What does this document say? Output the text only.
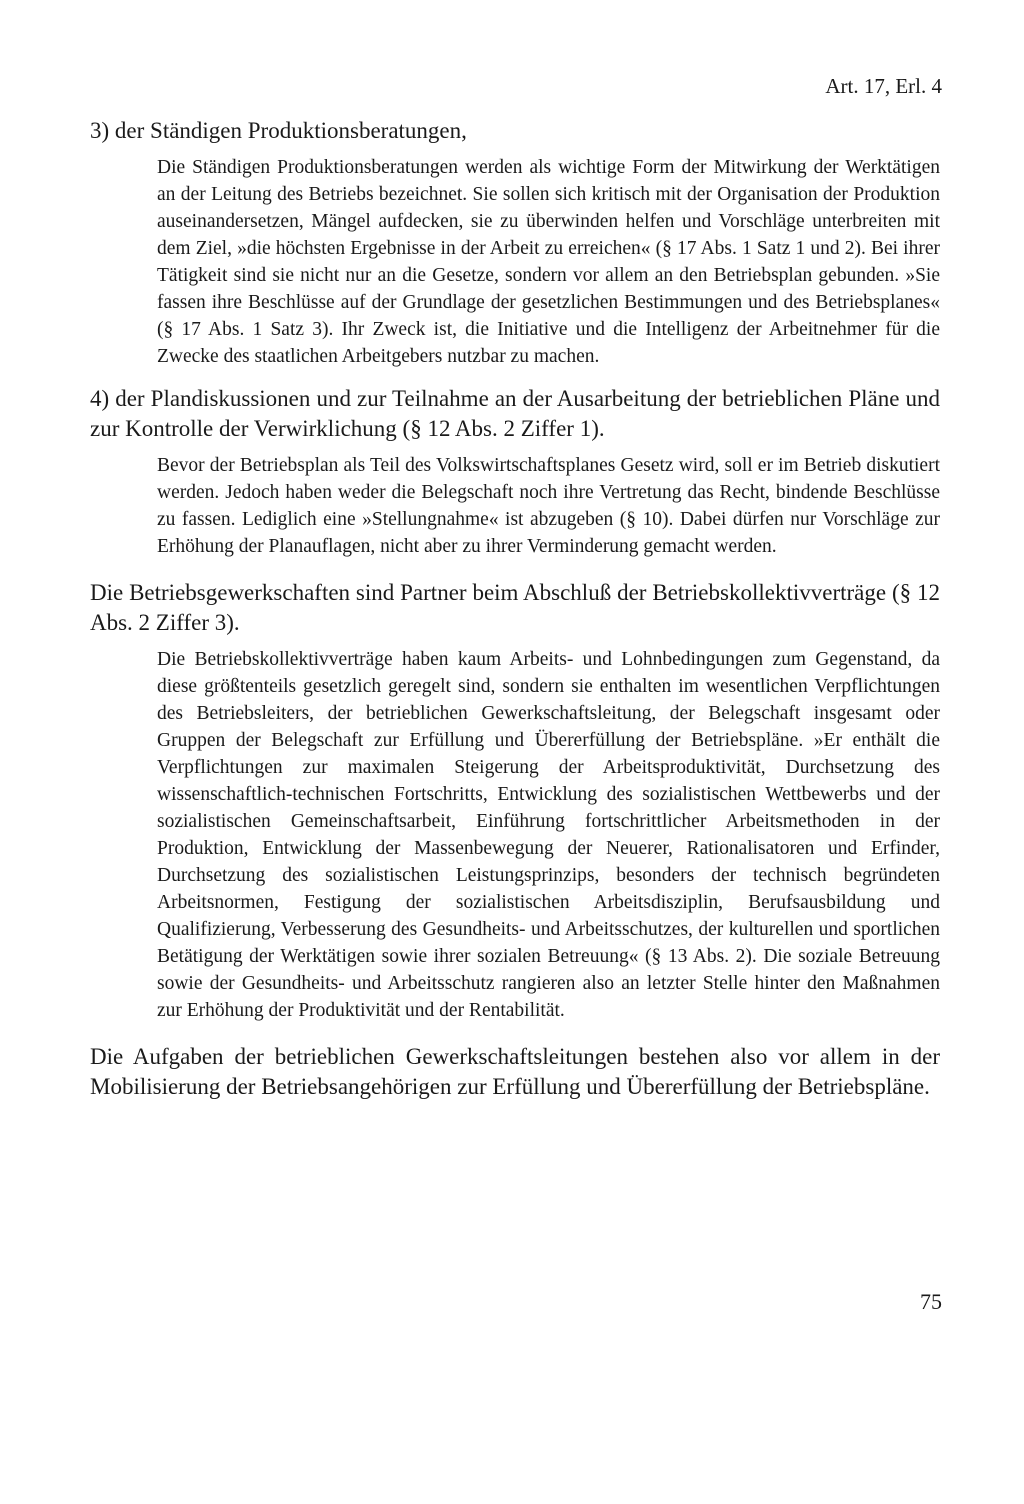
Art. 17, Erl. 4

3) der Ständigen Produktionsberatungen,

Die Ständigen Produktionsberatungen werden als wichtige Form der Mitwirkung der Werktätigen an der Leitung des Betriebs bezeichnet. Sie sollen sich kritisch mit der Organisation der Produktion auseinandersetzen, Mängel aufdecken, sie zu überwinden helfen und Vorschläge unterbreiten mit dem Ziel, »die höchsten Ergebnisse in der Arbeit zu erreichen« (§ 17 Abs. 1 Satz 1 und 2). Bei ihrer Tätigkeit sind sie nicht nur an die Gesetze, sondern vor allem an den Betriebsplan gebunden. »Sie fassen ihre Beschlüsse auf der Grundlage der gesetzlichen Bestimmungen und des Betriebsplanes« (§ 17 Abs. 1 Satz 3). Ihr Zweck ist, die Initiative und die Intelligenz der Arbeitnehmer für die Zwecke des staatlichen Arbeitgebers nutzbar zu machen.

4) der Plandiskussionen und zur Teilnahme an der Ausarbeitung der betrieblichen Pläne und zur Kontrolle der Verwirklichung (§ 12 Abs. 2 Ziffer 1).

Bevor der Betriebsplan als Teil des Volkswirtschaftsplanes Gesetz wird, soll er im Betrieb diskutiert werden. Jedoch haben weder die Belegschaft noch ihre Vertretung das Recht, bindende Beschlüsse zu fassen. Lediglich eine »Stellungnahme« ist abzugeben (§ 10). Dabei dürfen nur Vorschläge zur Erhöhung der Planauflagen, nicht aber zu ihrer Verminderung gemacht werden.

Die Betriebsgewerkschaften sind Partner beim Abschluß der Betriebskollektivverträge (§ 12 Abs. 2 Ziffer 3).

Die Betriebskollektivverträge haben kaum Arbeits- und Lohnbedingungen zum Gegenstand, da diese größtenteils gesetzlich geregelt sind, sondern sie enthalten im wesentlichen Verpflichtungen des Betriebsleiters, der betrieblichen Gewerkschaftsleitung, der Belegschaft insgesamt oder Gruppen der Belegschaft zur Erfüllung und Übererfüllung der Betriebspläne. »Er enthält die Verpflichtungen zur maximalen Steigerung der Arbeitsproduktivität, Durchsetzung des wissenschaftlich-technischen Fortschritts, Entwicklung des sozialistischen Wettbewerbs und der sozialistischen Gemeinschaftsarbeit, Einführung fortschrittlicher Arbeitsmethoden in der Produktion, Entwicklung der Massenbewegung der Neuerer, Rationalisatoren und Erfinder, Durchsetzung des sozialistischen Leistungsprinzips, besonders der technisch begründeten Arbeitsnormen, Festigung der sozialistischen Arbeitsdisziplin, Berufsausbildung und Qualifizierung, Verbesserung des Gesundheits- und Arbeitsschutzes, der kulturellen und sportlichen Betätigung der Werktätigen sowie ihrer sozialen Betreuung« (§ 13 Abs. 2). Die soziale Betreuung sowie der Gesundheits- und Arbeitsschutz rangieren also an letzter Stelle hinter den Maßnahmen zur Erhöhung der Produktivität und der Rentabilität.

Die Aufgaben der betrieblichen Gewerkschaftsleitungen bestehen also vor allem in der Mobilisierung der Betriebsangehörigen zur Erfüllung und Übererfüllung der Betriebspläne.

75
